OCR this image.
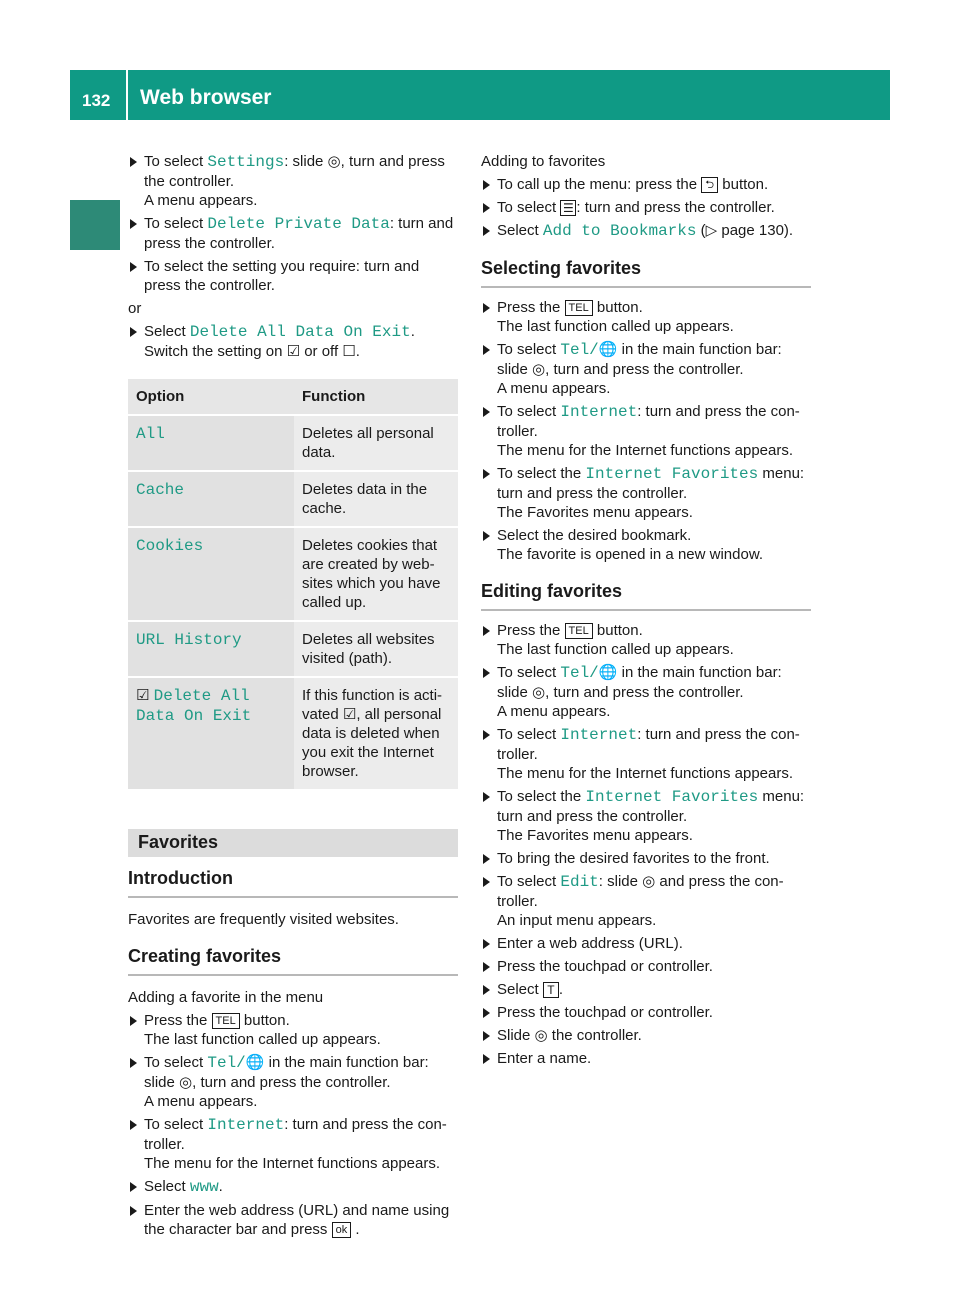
132 Web browser
Online and Internet functions
To select Settings: slide ◎, turn and press the controller.
A menu appears.
To select Delete Private Data: turn and press the controller.
To select the setting you require: turn and press the controller.
or
Select Delete All Data On Exit.
Switch the setting on ☑ or off ☐.
Option	Function
All	Deletes all personal data.
Cache	Deletes data in the cache.
Cookies	Deletes cookies that are created by web-sites which you have called up.
URL History	Deletes all websites visited (path).
☑ Delete All Data On Exit	If this function is acti-vated ☑, all personal data is deleted when you exit the Internet browser.
Favorites
Introduction
Favorites are frequently visited websites.
Creating favorites
Adding a favorite in the menu
Press the TEL button.
The last function called up appears.
To select Tel/🌐 in the main function bar:
slide ◎, turn and press the controller.
A menu appears.
To select Internet: turn and press the con-troller.
The menu for the Internet functions appears.
Select www.
Enter the web address (URL) and name using the character bar and press ok .
Adding to favorites
To call up the menu: press the ⮌ button.
To select ☰ : turn and press the controller.
Select Add to Bookmarks (▷ page 130).
Selecting favorites
Press the TEL button.
The last function called up appears.
To select Tel/🌐 in the main function bar:
slide ◎, turn and press the controller.
A menu appears.
To select Internet: turn and press the con-troller.
The menu for the Internet functions appears.
To select the Internet Favorites menu: turn and press the controller.
The Favorites menu appears.
Select the desired bookmark.
The favorite is opened in a new window.
Editing favorites
Press the TEL button.
The last function called up appears.
To select Tel/🌐 in the main function bar:
slide ◎, turn and press the controller.
A menu appears.
To select Internet: turn and press the con-troller.
The menu for the Internet functions appears.
To select the Internet Favorites menu: turn and press the controller.
The Favorites menu appears.
To bring the desired favorites to the front.
To select Edit: slide ◎ and press the con-troller.
An input menu appears.
Enter a web address (URL).
Press the touchpad or controller.
Select T .
Press the touchpad or controller.
Slide ◎ the controller.
Enter a name.
